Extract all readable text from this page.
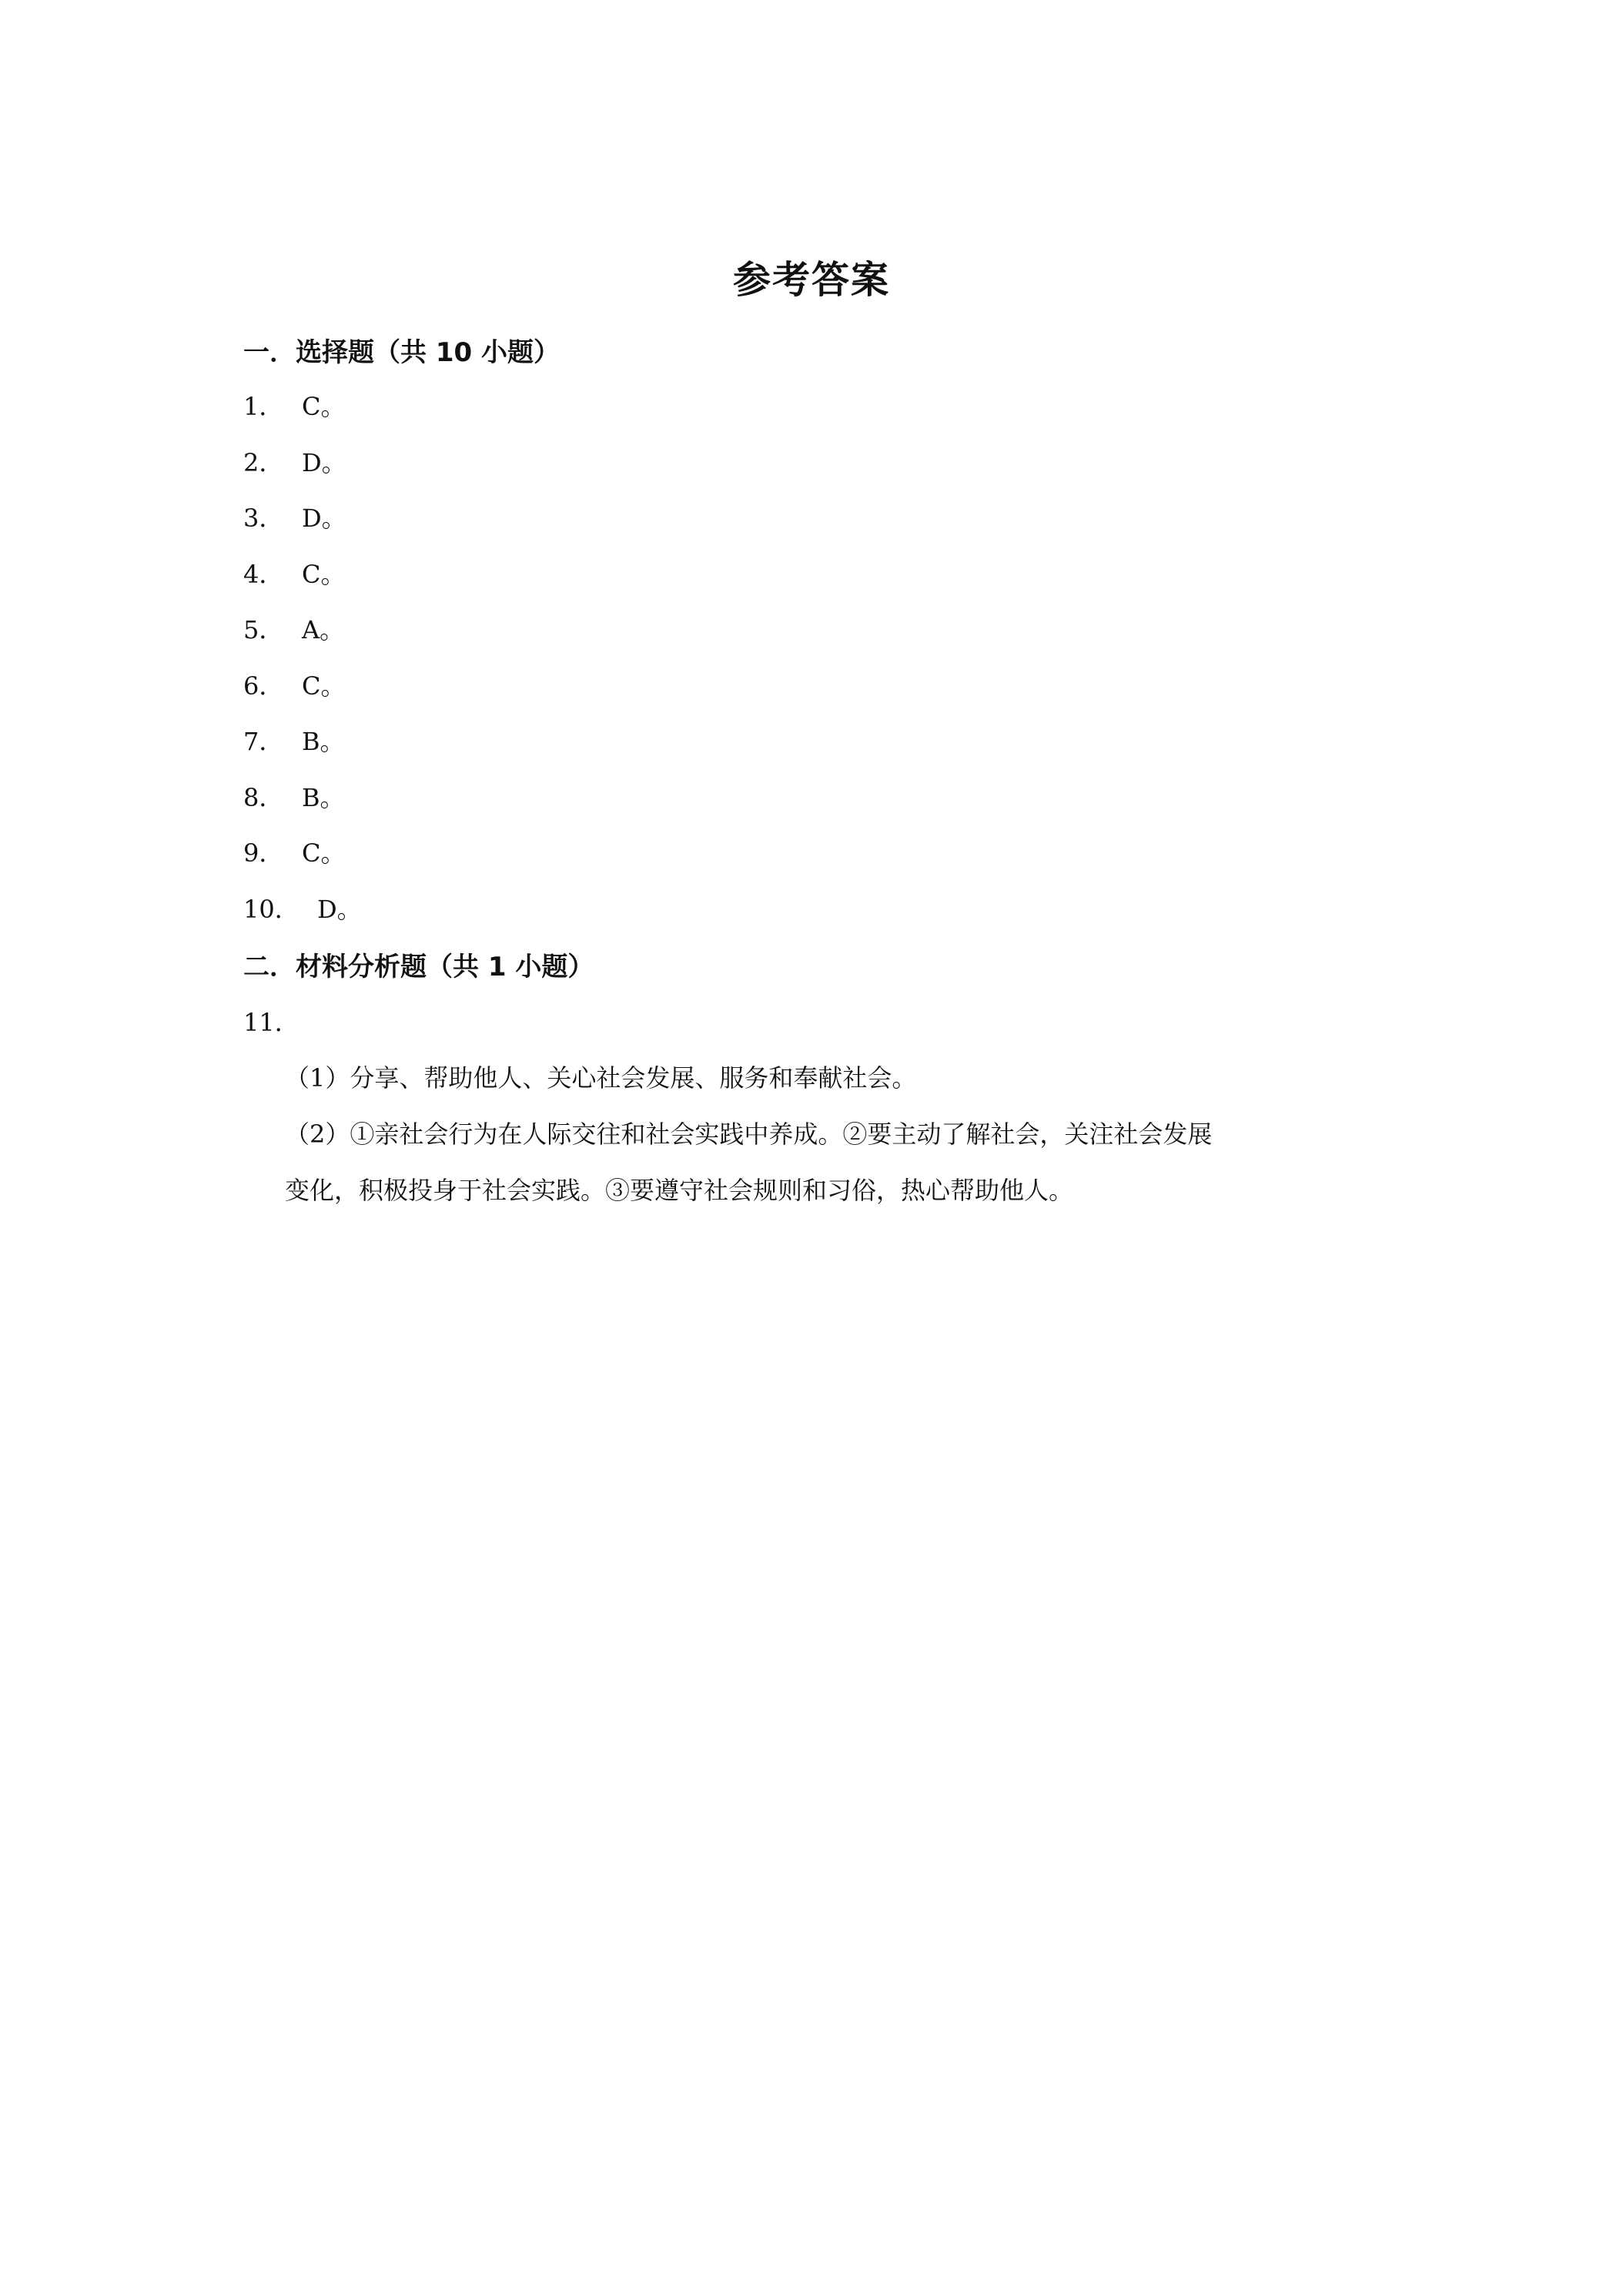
参考答案
一．选择题（共 10 小题）
1． C。
2． D。
3． D。
4． C。
5． A。
6． C。
7． B。
8． B。
9． C。
10． D。
二．材料分析题（共 1 小题）

11．

（1）分享、帮助他人、关心社会发展、服务和奉献社会。

（2）①亲社会行为在人际交往和社会实践中养成。②要主动了解社会，关注社会发展

变化，积极投身于社会实践。③要遵守社会规则和习俗，热心帮助他人。
